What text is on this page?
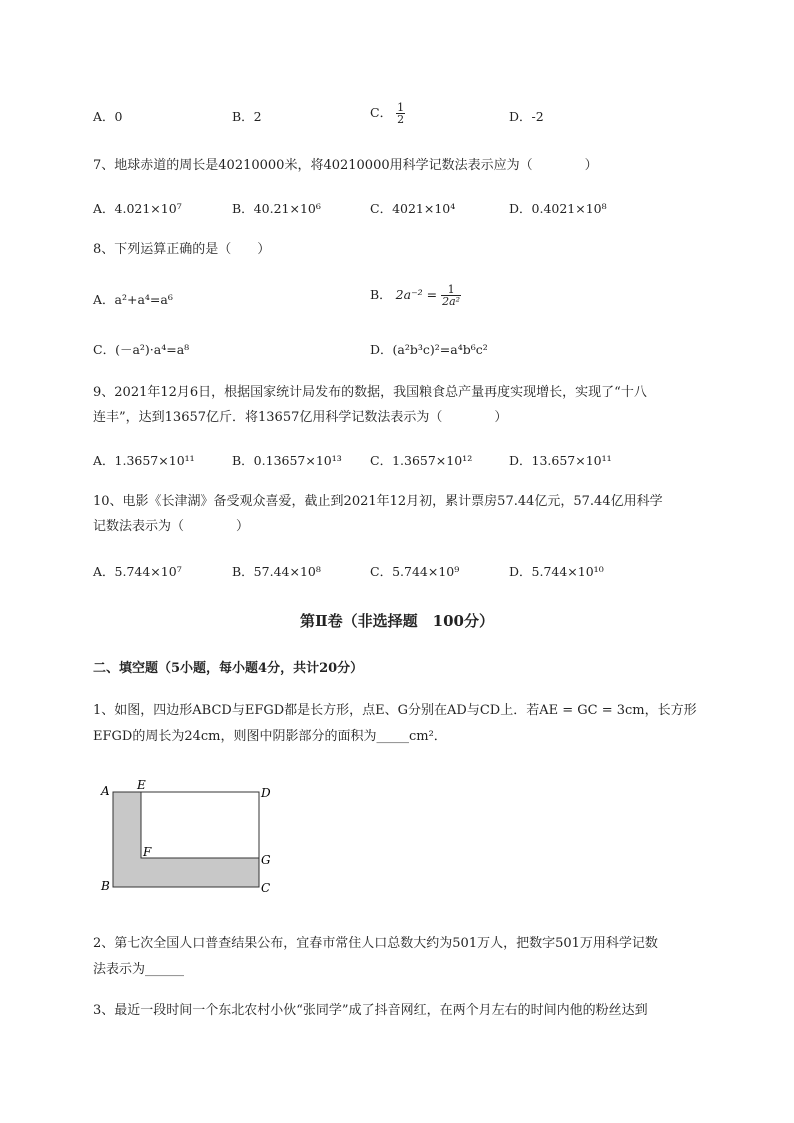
A．0	B．2	C． $\frac{1}{2}$	D．-2
7、地球赤道的周长是40210000米，将40210000用科学记数法表示应为（　　　　）
A．4.021×10⁷	B．40.21×10⁶	C．4021×10⁴	D．0.4021×10⁸
8、下列运算正确的是（　　）
A．a²+a⁴=a⁶	B． $2a^{-2} = \frac{1}{\text{2a²}}$
C．(－a²)·a⁴=a⁸	D．(a²b³c)²=a⁴b⁶c²
9、2021年12月6日，根据国家统计局发布的数据，我国粮食总产量再度实现增长，实现了“十八
连丰”，达到13657亿斤．将13657亿用科学记数法表示为（　　　　）
A．1.3657×10¹¹	B．0.13657×10¹³ C．1.3657×10¹²	D．13.657×10¹¹
10、电影《长津湖》备受观众喜爱，截止到2021年12月初，累计票房57.44亿元，57.44亿用科学
记数法表示为（　　　　）
A．5.744×10⁷	B．57.44×10⁸	C．5.744×10⁹	D．5.744×10¹⁰
第Ⅱ卷（非选择题　100分）
二、填空题（5小题，每小题4分，共计20分）
1、如图，四边形ABCD与EFGD都是长方形，点E、G分别在AD与CD上．若AE = GC = 3cm，长方形
EFGD的周长为24cm，则图中阴影部分的面积为_____cm²．
A E
D
F
G
B	C
2、第七次全国人口普查结果公布，宜春市常住人口总数大约为501万人，把数字501万用科学记数
法表示为______
3、最近一段时间一个东北农村小伙“张同学”成了抖音网红，在两个月左右的时间内他的粉丝达到
